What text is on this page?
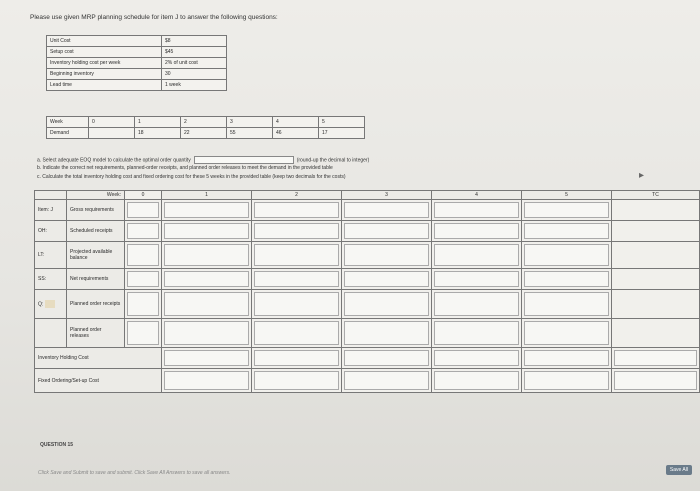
Please use given MRP planning schedule for item J to answer the following questions:
Unit Cost	$8
Setup cost	$45
Inventory holding cost per week	2% of unit cost
Beginning inventory	30
Lead time	1 week
Week	0	1	2	3	4	5
Demand		18	22	55	46	17
a. Select adequate EOQ model to calculate the optimal order quantity	(round-up the decimal to integer)
b. Indicate the correct net requirements, planned-order receipts, and planned order releases to meet the demand in the provided table
c. Calculate the total inventory holding cost and fixed ordering cost for these 5 weeks in the provided table (keep two decimals for the costs)
	Week:	0	1	2	3	4	5	TC
Item: J	Gross requirements	

OH:	Scheduled receipts	

LT:	Projected available balance	

SS:	Net requirements	

Q:	Planned order receipts	

	Planned order releases	

Inventory Holding Cost			

Fixed Ordering/Set-up Cost			

▸
QUESTION 15
Click Save and Submit to save and submit. Click Save All Answers to save all answers.	Save All
